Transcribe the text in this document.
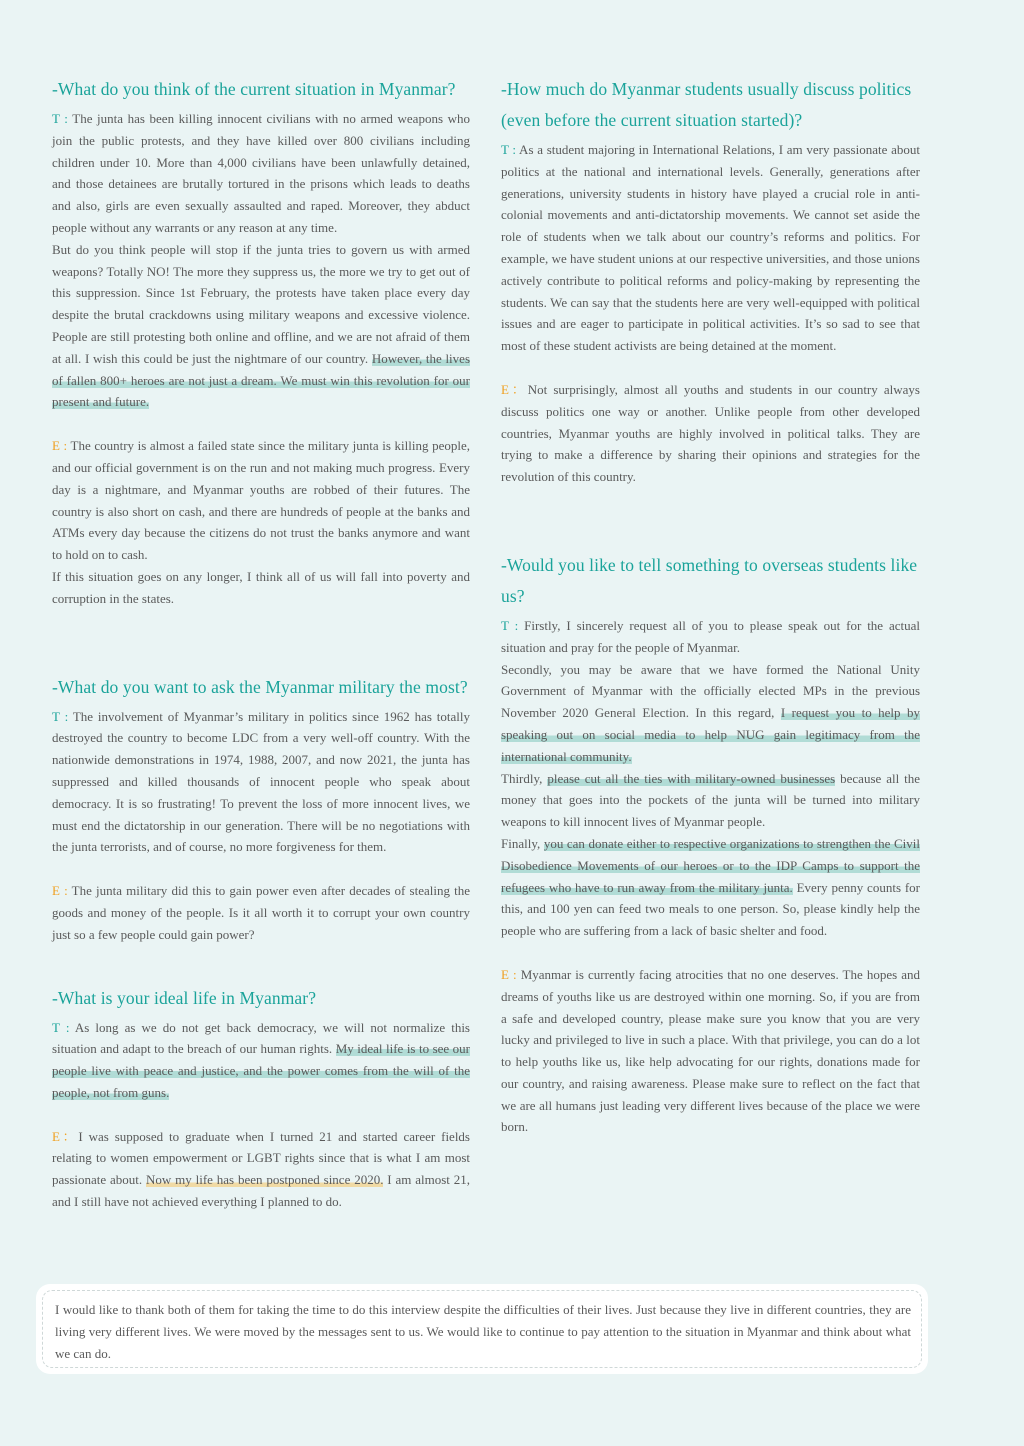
-What do you think of the current situation in Myanmar?

T : The junta has been killing innocent civilians with no armed weapons who join the public protests, and they have killed over 800 civilians including children under 10. More than 4,000 civilians have been unlawfully detained, and those detainees are brutally tortured in the prisons which leads to deaths and also, girls are even sexually assaulted and raped. Moreover, they abduct people without any warrants or any reason at any time.

But do you think people will stop if the junta tries to govern us with armed weapons? Totally NO! The more they suppress us, the more we try to get out of this suppression. Since 1st February, the protests have taken place every day despite the brutal crackdowns using military weapons and excessive violence. People are still protesting both online and offline, and we are not afraid of them at all. I wish this could be just the nightmare of our country. However, the lives of fallen 800+ heroes are not just a dream. We must win this revolution for our present and future.

E : The country is almost a failed state since the military junta is killing people, and our official government is on the run and not making much progress. Every day is a nightmare, and Myanmar youths are robbed of their futures. The country is also short on cash, and there are hundreds of people at the banks and ATMs every day because the citizens do not trust the banks anymore and want to hold on to cash.

If this situation goes on any longer, I think all of us will fall into poverty and corruption in the states.

-What do you want to ask the Myanmar military the most?

T : The involvement of Myanmar’s military in politics since 1962 has totally destroyed the country to become LDC from a very well-off country. With the nationwide demonstrations in 1974, 1988, 2007, and now 2021, the junta has suppressed and killed thousands of innocent people who speak about democracy. It is so frustrating! To prevent the loss of more innocent lives, we must end the dictatorship in our generation. There will be no negotiations with the junta terrorists, and of course, no more forgiveness for them.

E : The junta military did this to gain power even after decades of stealing the goods and money of the people. Is it all worth it to corrupt your own country just so a few people could gain power?

-What is your ideal life in Myanmar?

T : As long as we do not get back democracy, we will not normalize this situation and adapt to the breach of our human rights. My ideal life is to see our people live with peace and justice, and the power comes from the will of the people, not from guns.

E：I was supposed to graduate when I turned 21 and started career fields relating to women empowerment or LGBT rights since that is what I am most passionate about. Now my life has been postponed since 2020. I am almost 21, and I still have not achieved everything I planned to do.

-How much do Myanmar students usually discuss politics (even before the current situation started)?

T : As a student majoring in International Relations, I am very passionate about politics at the national and international levels. Generally, generations after generations, university students in history have played a crucial role in anti-colonial movements and anti-dictatorship movements. We cannot set aside the role of students when we talk about our country’s reforms and politics. For example, we have student unions at our respective universities, and those unions actively contribute to political reforms and policy-making by representing the students. We can say that the students here are very well-equipped with political issues and are eager to participate in political activities. It’s so sad to see that most of these student activists are being detained at the moment.

E：Not surprisingly, almost all youths and students in our country always discuss politics one way or another. Unlike people from other developed countries, Myanmar youths are highly involved in political talks. They are trying to make a difference by sharing their opinions and strategies for the revolution of this country.

-Would you like to tell something to overseas students like us?

T : Firstly, I sincerely request all of you to please speak out for the actual situation and pray for the people of Myanmar.

Secondly, you may be aware that we have formed the National Unity Government of Myanmar with the officially elected MPs in the previous November 2020 General Election. In this regard, I request you to help by speaking out on social media to help NUG gain legitimacy from the international community.

Thirdly, please cut all the ties with military-owned businesses because all the money that goes into the pockets of the junta will be turned into military weapons to kill innocent lives of Myanmar people.

Finally, you can donate either to respective organizations to strengthen the Civil Disobedience Movements of our heroes or to the IDP Camps to support the refugees who have to run away from the military junta. Every penny counts for this, and 100 yen can feed two meals to one person. So, please kindly help the people who are suffering from a lack of basic shelter and food.

E : Myanmar is currently facing atrocities that no one deserves. The hopes and dreams of youths like us are destroyed within one morning. So, if you are from a safe and developed country, please make sure you know that you are very lucky and privileged to live in such a place. With that privilege, you can do a lot to help youths like us, like help advocating for our rights, donations made for our country, and raising awareness. Please make sure to reflect on the fact that we are all humans just leading very different lives because of the place we were born.

I would like to thank both of them for taking the time to do this interview despite the difficulties of their lives. Just because they live in different countries, they are living very different lives. We were moved by the messages sent to us. We would like to continue to pay attention to the situation in Myanmar and think about what we can do.
